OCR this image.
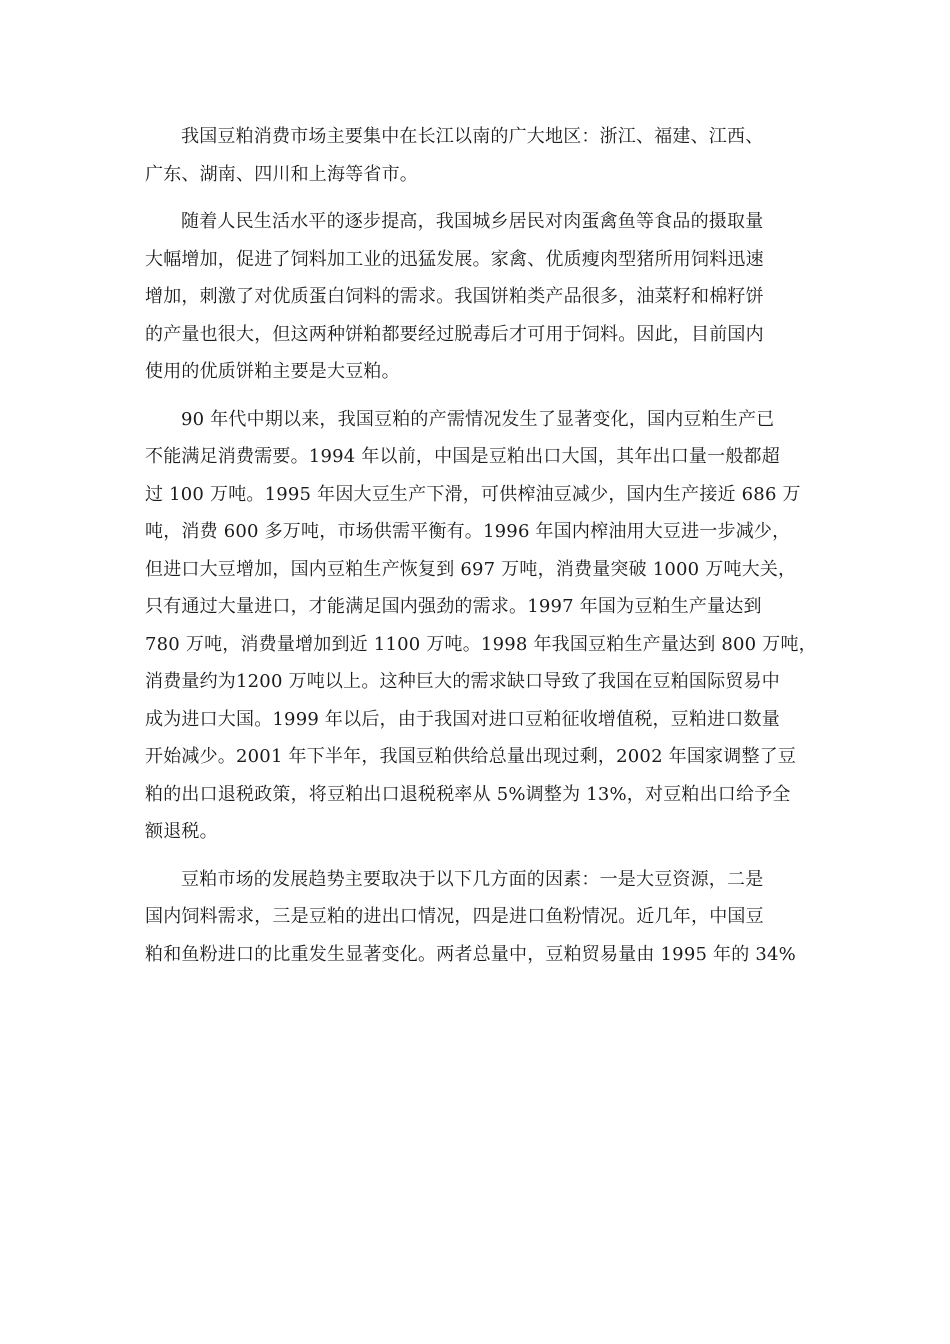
我国豆粕消费市场主要集中在长江以南的广大地区：浙江、福建、江西、
广东、湖南、四川和上海等省市。

随着人民生活水平的逐步提高，我国城乡居民对肉蛋禽鱼等食品的摄取量
大幅增加，促进了饲料加工业的迅猛发展。家禽、优质瘦肉型猪所用饲料迅速
增加，刺激了对优质蛋白饲料的需求。我国饼粕类产品很多，油菜籽和棉籽饼
的产量也很大，但这两种饼粕都要经过脱毒后才可用于饲料。因此，目前国内
使用的优质饼粕主要是大豆粕。

90 年代中期以来，我国豆粕的产需情况发生了显著变化，国内豆粕生产已
不能满足消费需要。1994 年以前，中国是豆粕出口大国，其年出口量一般都超
过 100 万吨。1995 年因大豆生产下滑，可供榨油豆减少，国内生产接近 686 万
吨，消费 600 多万吨，市场供需平衡有。1996 年国内榨油用大豆进一步减少，
但进口大豆增加，国内豆粕生产恢复到 697 万吨，消费量突破 1000 万吨大关，
只有通过大量进口，才能满足国内强劲的需求。1997 年国为豆粕生产量达到
780 万吨，消费量增加到近 1100 万吨。1998 年我国豆粕生产量达到 800 万吨，
消费量约为1200 万吨以上。这种巨大的需求缺口导致了我国在豆粕国际贸易中
成为进口大国。1999 年以后，由于我国对进口豆粕征收增值税，豆粕进口数量
开始减少。2001 年下半年，我国豆粕供给总量出现过剩，2002 年国家调整了豆
粕的出口退税政策，将豆粕出口退税税率从 5%调整为 13%，对豆粕出口给予全
额退税。

豆粕市场的发展趋势主要取决于以下几方面的因素：一是大豆资源，二是
国内饲料需求，三是豆粕的进出口情况，四是进口鱼粉情况。近几年，中国豆
粕和鱼粉进口的比重发生显著变化。两者总量中，豆粕贸易量由 1995 年的 34%
